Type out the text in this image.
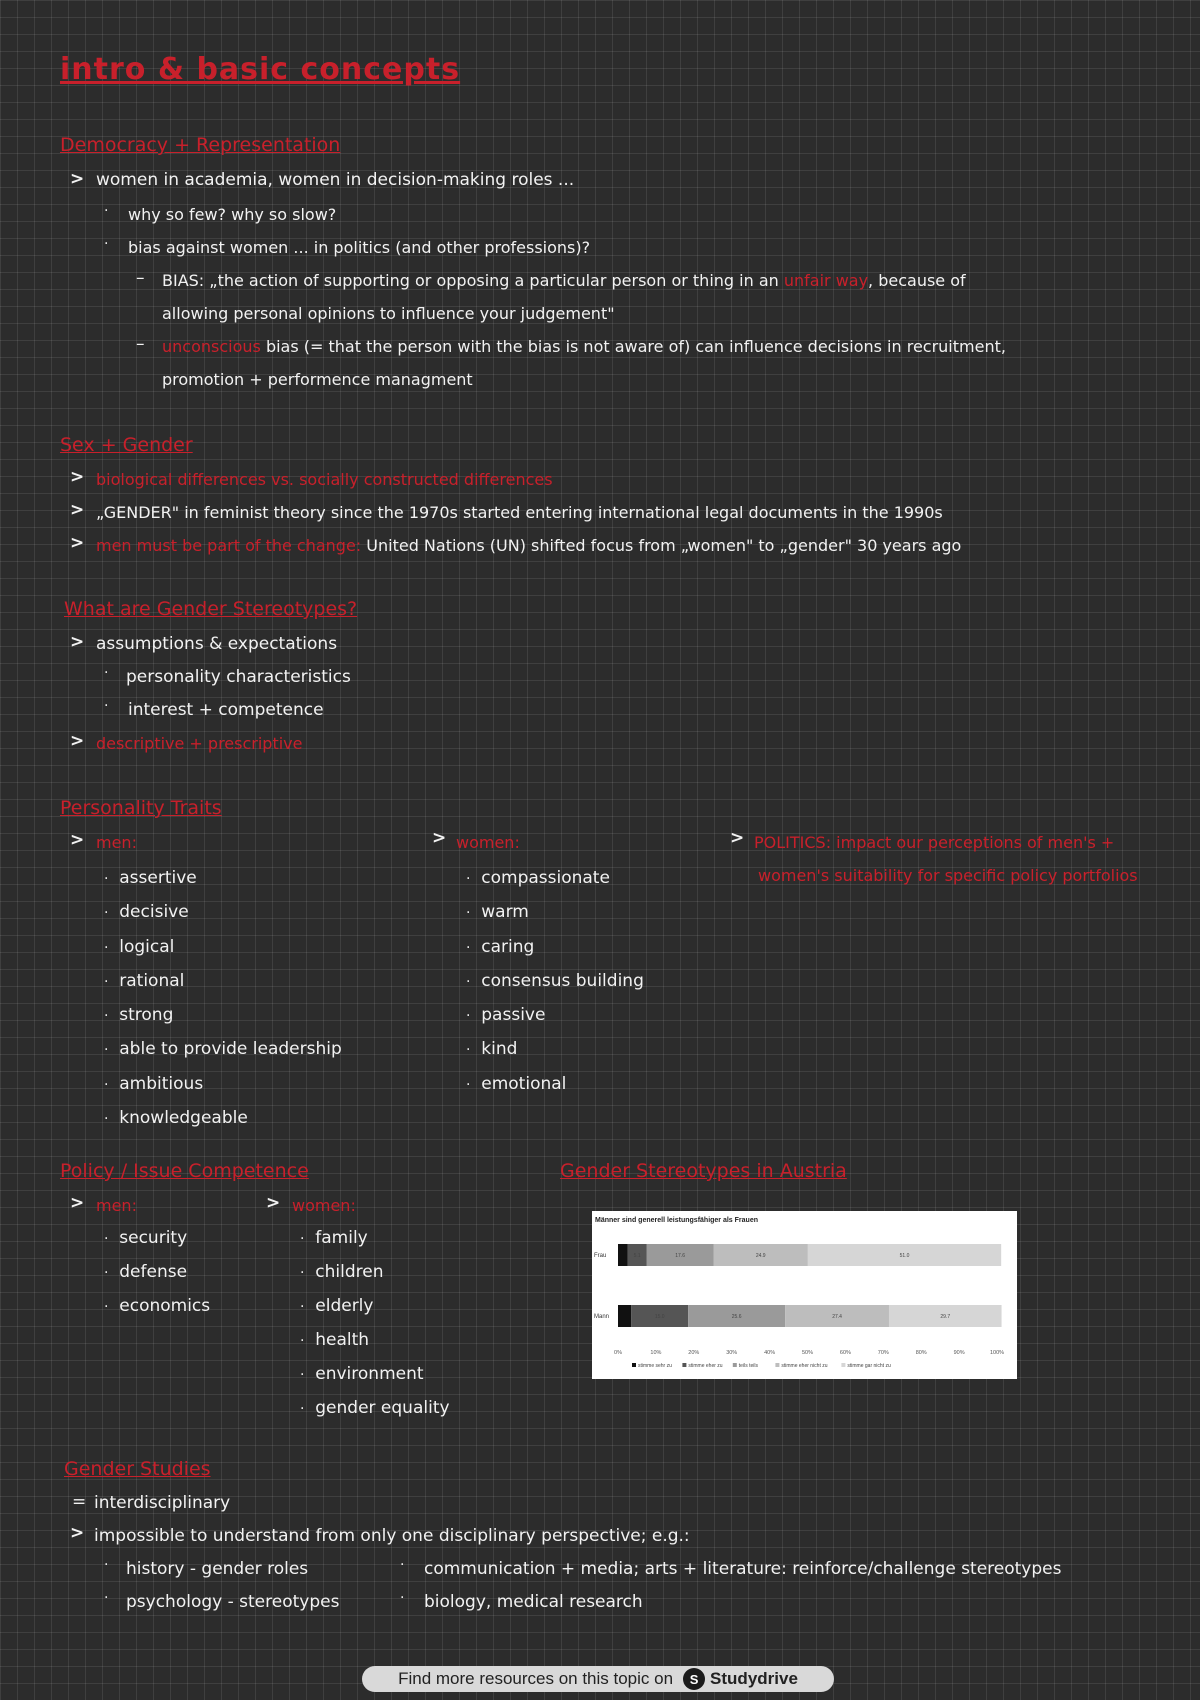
intro & basic concepts
Democracy + Representation
> women in academia, women in decision-making roles ...
· why so few? why so slow?
· bias against women ... in politics (and other professions)?
– BIAS: „the action of supporting or opposing a particular person or thing in an unfair way, because of
allowing personal opinions to influence your judgement"
– unconscious bias (= that the person with the bias is not aware of) can influence decisions in recruitment,
promotion + performence managment
Sex + Gender
> biological differences vs. socially constructed differences
> „GENDER" in feminist theory since the 1970s started entering international legal documents in the 1990s
> men must be part of the change: United Nations (UN) shifted focus from „women" to „gender" 30 years ago
What are Gender Stereotypes?
> assumptions & expectations
· personality characteristics
· interest + competence
> descriptive + prescriptive
Personality Traits
> men:
· assertive
· decisive
· logical
· rational
· strong
· able to provide leadership
· ambitious
· knowledgeable
> women:
· compassionate
· warm
· caring
· consensus building
· passive
· kind
· emotional
> POLITICS: impact our perceptions of men's +
women's suitability for specific policy portfolios
Policy / Issue Competence
> men:
· security
· defense
· economics
> women:
· family
· children
· elderly
· health
· environment
· gender equality
Gender Stereotypes in Austria
Männer sind generell leistungsfähiger als Frauen
Frau	5.1	17.6	24.9	51.0
Mann	15.0	25.6	27.4	29.7
0%	10%	20%	30%	40%	50%	60%	70%	80%	90%	100%
stimme sehr zu	stimme eher zu	teils teils	stimme eher nicht zu	stimme gar nicht zu
Gender Studies
= interdisciplinary
> impossible to understand from only one disciplinary perspective; e.g.:
· history - gender roles
· psychology - stereotypes
· communication + media; arts + literature: reinforce/challenge stereotypes
· biology, medical research
Find more resources on this topic on	S Studydrive
